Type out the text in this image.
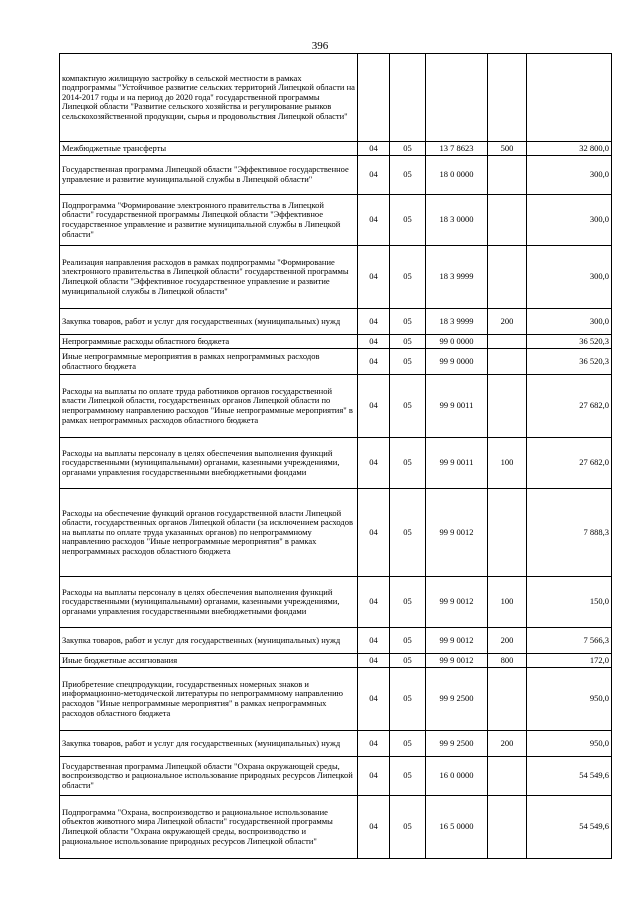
396
компактную жилищную застройку в сельской местности в рамках подпрограммы "Устойчивое развитие сельских территорий Липецкой области на 2014-2017 годы и на период до 2020 года" государственной программы Липецкой области "Развитие сельского хозяйства и регулирование рынков сельскохозяйственной продукции, сырья и продовольствия Липецкой области"					
Межбюджетные трансферты	04	05	13 7 8623	500	32 800,0
Государственная программа Липецкой области "Эффективное государственное управление и развитие муниципальной службы в Липецкой области"	04	05	18 0 0000		300,0
Подпрограмма "Формирование электронного правительства в Липецкой области" государственной программы Липецкой области "Эффективное государственное управление и развитие муниципальной службы в Липецкой области"	04	05	18 3 0000		300,0
Реализация направления расходов в рамках подпрограммы "Формирование электронного правительства в Липецкой области" государственной программы Липецкой области "Эффективное государственное управление и развитие муниципальной службы в Липецкой области"	04	05	18 3 9999		300,0
Закупка товаров, работ и услуг для государственных (муниципальных) нужд	04	05	18 3 9999	200	300,0
Непрограммные расходы областного бюджета	04	05	99 0 0000		36 520,3
Иные непрограммные мероприятия в рамках непрограммных расходов областного бюджета	04	05	99 9 0000		36 520,3
Расходы на выплаты по оплате труда работников органов государственной власти Липецкой области, государственных органов Липецкой области по непрограммному направлению расходов "Иные непрограммные мероприятия" в рамках непрограммных расходов областного бюджета	04	05	99 9 0011		27 682,0
Расходы на выплаты персоналу в целях обеспечения выполнения функций государственными (муниципальными) органами, казенными учреждениями, органами управления государственными внебюджетными фондами	04	05	99 9 0011	100	27 682,0
Расходы на обеспечение функций органов государственной власти Липецкой области, государственных органов Липецкой области (за исключением расходов на выплаты по оплате труда указанных органов) по непрограммному направлению расходов "Иные непрограммные мероприятия" в рамках непрограммных расходов областного бюджета	04	05	99 9 0012		7 888,3
Расходы на выплаты персоналу в целях обеспечения выполнения функций государственными (муниципальными) органами, казенными учреждениями, органами управления государственными внебюджетными фондами	04	05	99 9 0012	100	150,0
Закупка товаров, работ и услуг для государственных (муниципальных) нужд	04	05	99 9 0012	200	7 566,3
Иные бюджетные ассигнования	04	05	99 9 0012	800	172,0
Приобретение спецпродукции, государственных номерных знаков и информационно-методической литературы по непрограммному направлению расходов "Иные непрограммные мероприятия" в рамках непрограммных расходов областного бюджета	04	05	99 9 2500		950,0
Закупка товаров, работ и услуг для государственных (муниципальных) нужд	04	05	99 9 2500	200	950,0
Государственная программа Липецкой области "Охрана окружающей среды, воспроизводство и рациональное использование природных ресурсов Липецкой области"	04	05	16 0 0000		54 549,6
Подпрограмма "Охрана, воспроизводство и рациональное использование объектов животного мира Липецкой области" государственной программы Липецкой области "Охрана окружающей среды, воспроизводство и рациональное использование природных ресурсов Липецкой области"	04	05	16 5 0000		54 549,6
